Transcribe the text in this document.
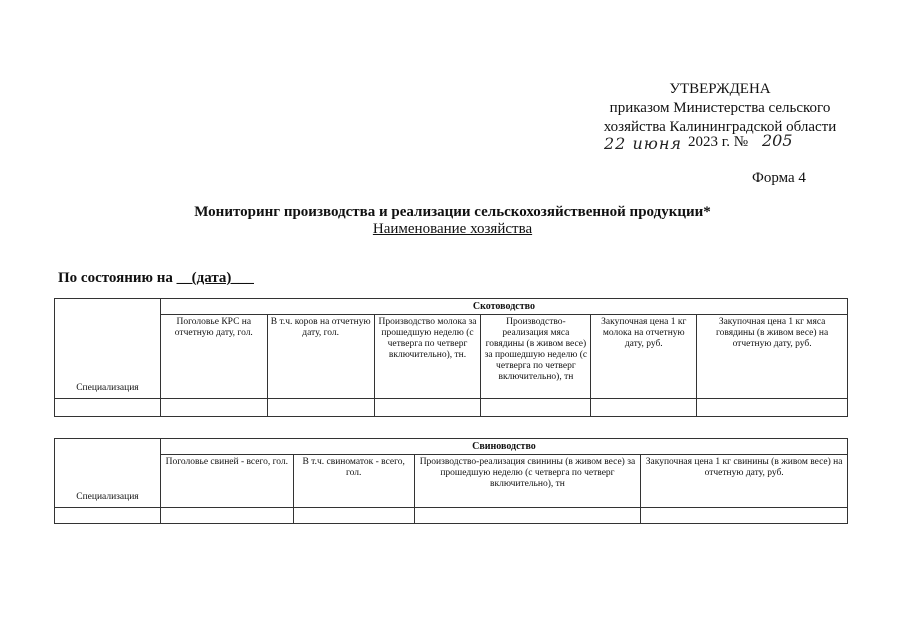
УТВЕРЖДЕНА
приказом Министерства сельского
хозяйства Калининградской области
22 июня 2023 г. № 205
Форма 4
Мониторинг производства и реализации сельскохозяйственной продукции*
Наименование хозяйства
По состоянию на __(дата)___
Специализация	Скотоводство					
	Поголовье КРС на отчетную дату, гол.	В т.ч. коров на отчетную дату, гол.	Производство молока за прошедшую неделю (с четверга по четверг включительно), тн.	Производство-реализация мяса говядины (в живом весе) за прошедшую неделю (с четверга по четверг включительно), тн	Закупочная цена 1 кг молока на отчетную дату, руб.	Закупочная цена 1 кг мяса говядины (в живом весе) на отчетную дату, руб.

Специализация	Свиноводство			
	Поголовье свиней - всего, гол.	В т.ч. свиноматок - всего, гол.	Производство-реализация свинины (в живом весе) за прошедшую неделю (с четверга по четверг включительно), тн	Закупочная цена 1 кг свинины (в живом весе) на отчетную дату, руб.
